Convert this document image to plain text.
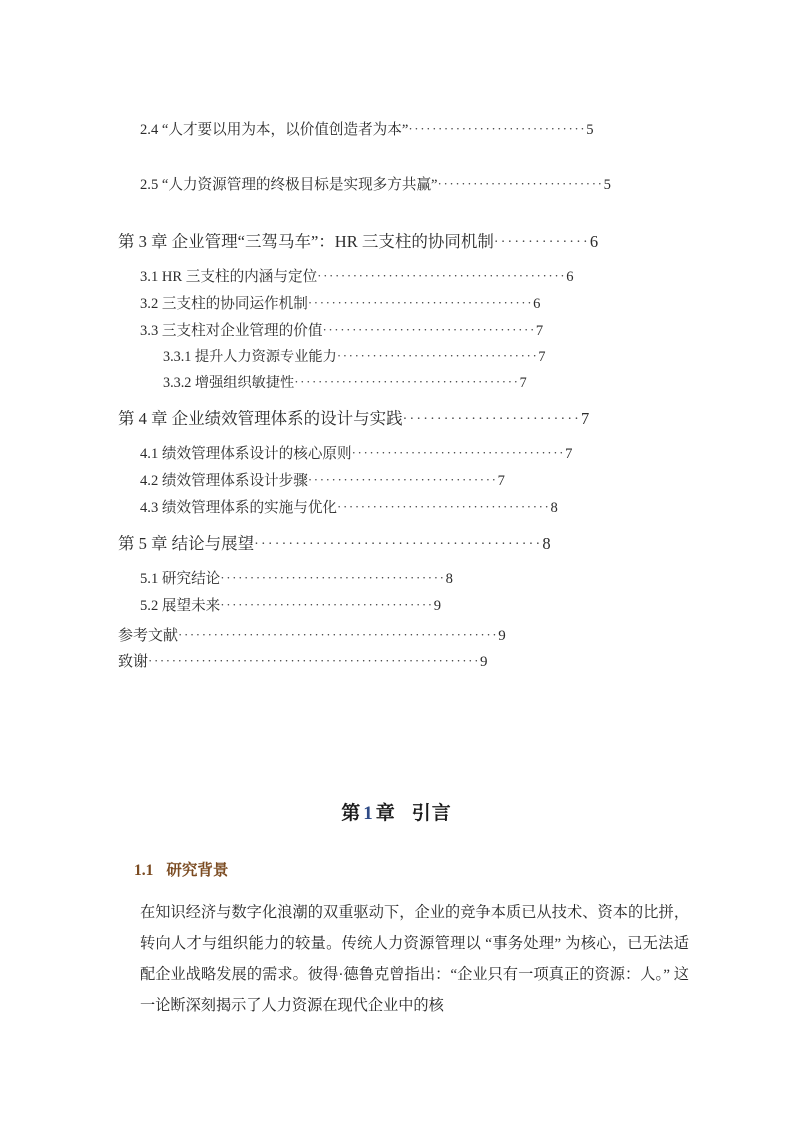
2.4 “人才要以用为本，以价值创造者为本” ······························ 5
2.5 “人力资源管理的终极目标是实现多方共赢” ···························· 5
第 3 章 企业管理“三驾马车”：HR 三支柱的协同机制 ·············· 6
3.1 HR 三支柱的内涵与定位 ·········································· 6
3.2 三支柱的协同运作机制 ······································ 6
3.3 三支柱对企业管理的价值 ···································· 7
3.3.1 提升人力资源专业能力 ·································· 7
3.3.2 增强组织敏捷性 ······································ 7
第 4 章 企业绩效管理体系的设计与实践 ·························· 7
4.1 绩效管理体系设计的核心原则 ···································· 7
4.2 绩效管理体系设计步骤 ································ 7
4.3 绩效管理体系的实施与优化 ···································· 8
第 5 章 结论与展望 ·········································· 8
5.1 研究结论 ······································ 8
5.2 展望未来 ···································· 9
参考文献 ······················································ 9
致谢 ························································ 9
第 1 章 引言
1.1 研究背景
在知识经济与数字化浪潮的双重驱动下，企业的竞争本质已从技术、资本的比拼，转向人才与组织能力的较量。传统人力资源管理以 “事务处理” 为核心，已无法适配企业战略发展的需求。彼得·德鲁克曾指出：“企业只有一项真正的资源：人。” 这一论断深刻揭示了人力资源在现代企业中的核
